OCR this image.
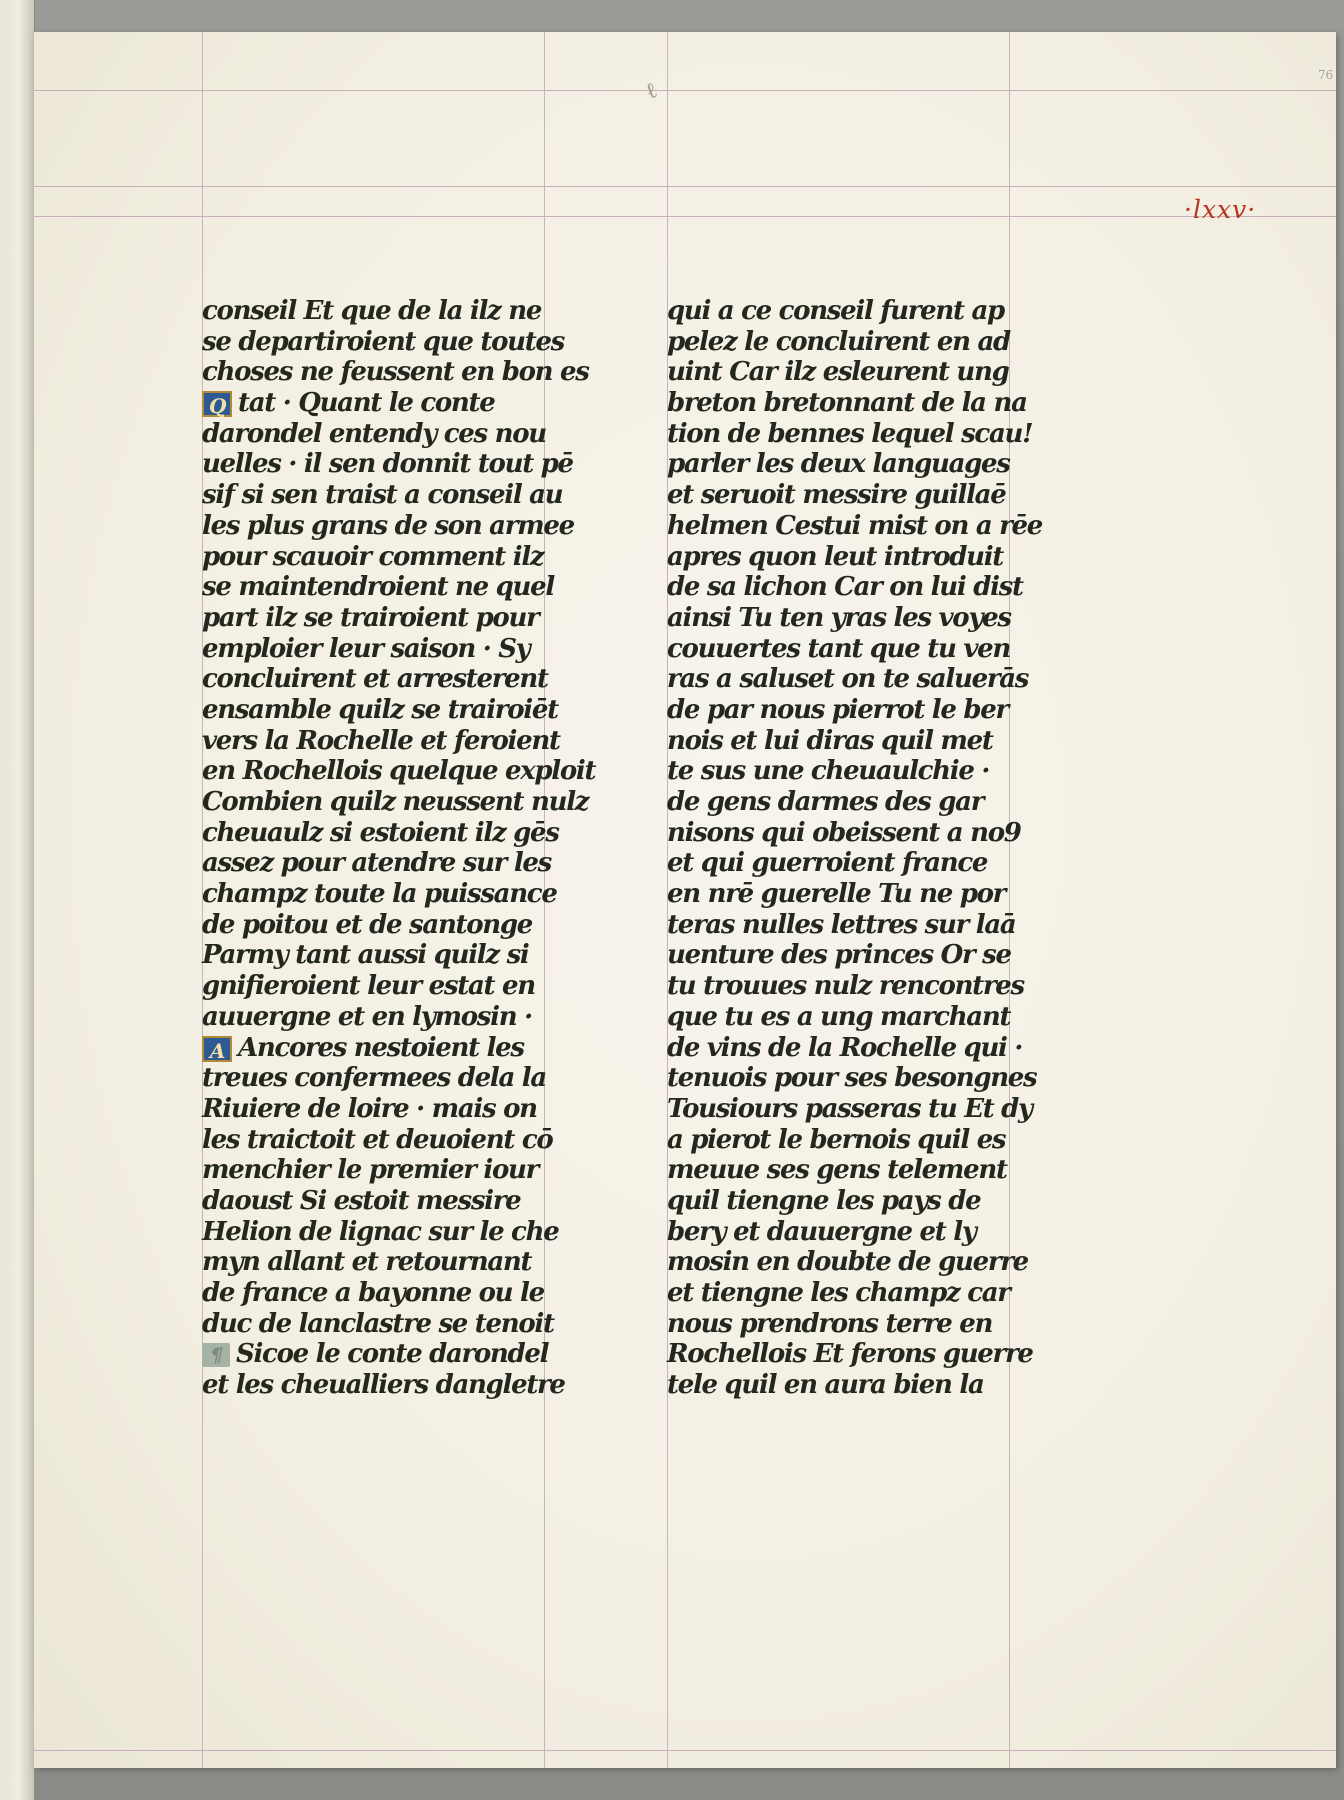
76
ℓ
·lxxv·
conseil Et que de la ilz ne
se departiroient que toutes
choses ne feussent en bon es
Q tat · Quant le conte
darondel entendy ces nou
uelles · il sen donnit tout pē
sif si sen traist a conseil au
les plus grans de son armee
pour scauoir comment ilz
se maintendroient ne quel
part ilz se trairoient pour
emploier leur saison · Sy
concluirent et arresterent
ensamble quilz se trairoiēt
vers la Rochelle et feroient
en Rochellois quelque exploit
Combien quilz neussent nulz
cheuaulz si estoient ilz gēs
assez pour atendre sur les
champz toute la puissance
de poitou et de santonge
Parmy tant aussi quilz si
gnifieroient leur estat en
auuergne et en lymosin ·
A Ancores nestoient les
treues confermees dela la
Riuiere de loire · mais on
les traictoit et deuoient cō
menchier le premier iour
daoust Si estoit messire
Helion de lignac sur le che
myn allant et retournant
de france a bayonne ou le
duc de lanclastre se tenoit
¶ Sicoe le conte darondel
et les cheualliers dangletre
qui a ce conseil furent ap
pelez le concluirent en ad
uint Car ilz esleurent ung
breton bretonnant de la na
tion de bennes lequel scau!
parler les deux languages
et seruoit messire guillaē
helmen Cestui mist on a rēe
apres quon leut introduit
de sa lichon Car on lui dist
ainsi Tu ten yras les voyes
couuertes tant que tu ven
ras a saluset on te saluerās
de par nous pierrot le ber
nois et lui diras quil met
te sus une cheuaulchie ·
de gens darmes des gar
nisons qui obeissent a no9
et qui guerroient france
en nrē guerelle Tu ne por
teras nulles lettres sur laā
uenture des princes Or se
tu trouues nulz rencontres
que tu es a ung marchant
de vins de la Rochelle qui ·
tenuois pour ses besongnes
Tousiours passeras tu Et dy
a pierot le bernois quil es
meuue ses gens telement
quil tiengne les pays de
bery et dauuergne et ly
mosin en doubte de guerre
et tiengne les champz car
nous prendrons terre en
Rochellois Et ferons guerre
tele quil en aura bien la
